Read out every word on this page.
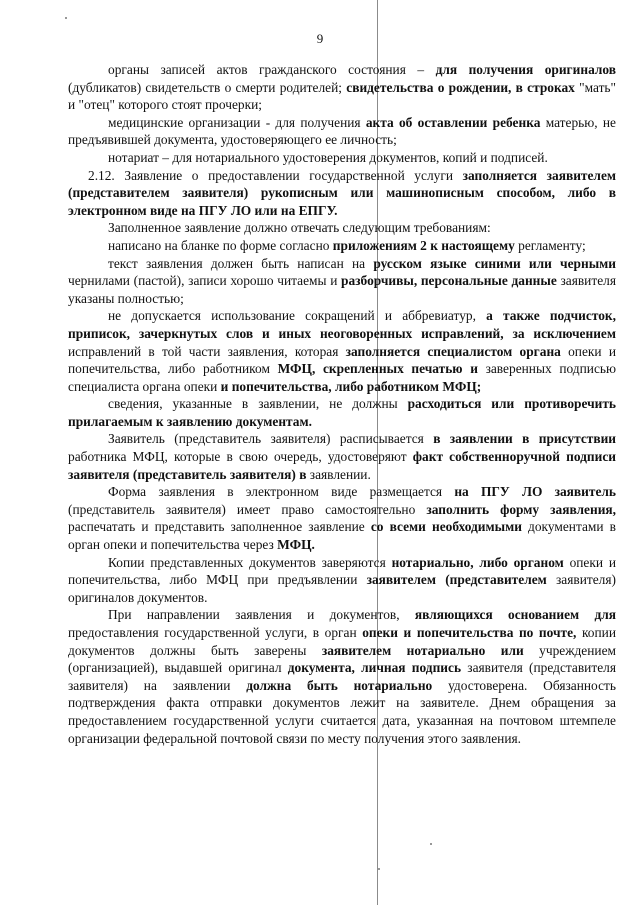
9

органы записей актов гражданского состояния – для получения оригиналов (дубликатов) свидетельств о смерти родителей; свидетельства о рождении, в строках "мать" и "отец" которого стоят прочерки;

медицинские организации - для получения акта об оставлении ребенка матерью, не предъявившей документа, удостоверяющего ее личность;

нотариат – для нотариального удостоверения документов, копий и подписей.

2.12. Заявление о предоставлении государственной услуги заполняется заявителем (представителем заявителя) рукописным или машинописным способом, либо в электронном виде на ПГУ ЛО или на ЕПГУ.

Заполненное заявление должно отвечать следующим требованиям:

написано на бланке по форме согласно приложениям 2 к настоящему регламенту;

текст заявления должен быть написан на русском языке синими или черными чернилами (пастой), записи хорошо читаемы и разборчивы, персональные данные заявителя указаны полностью;

не допускается использование сокращений и аббревиатур, а также подчисток, приписок, зачеркнутых слов и иных неоговоренных исправлений, за исключением исправлений в той части заявления, которая заполняется специалистом органа опеки и попечительства, либо работником МФЦ, скрепленных печатью и заверенных подписью специалиста органа опеки и попечительства, либо работником МФЦ;

сведения, указанные в заявлении, не должны расходиться или противоречить прилагаемым к заявлению документам.

Заявитель (представитель заявителя) расписывается в заявлении в присутствии работника МФЦ, которые в свою очередь, удостоверяют факт собственноручной подписи заявителя (представитель заявителя) в заявлении.

Форма заявления в электронном виде размещается на ПГУ ЛО заявитель (представитель заявителя) имеет право самостоятельно заполнить форму заявления, распечатать и представить заполненное заявление со всеми необходимыми документами в орган опеки и попечительства через МФЦ.

Копии представленных документов заверяются нотариально, либо органом опеки и попечительства, либо МФЦ при предъявлении заявителем (представителем заявителя) оригиналов документов.

При направлении заявления и документов, являющихся основанием для предоставления государственной услуги, в орган опеки и попечительства по почте, копии документов должны быть заверены заявителем нотариально или учреждением (организацией), выдавшей оригинал документа, личная подпись заявителя (представителя заявителя) на заявлении должна быть нотариально удостоверена. Обязанность подтверждения факта отправки документов лежит на заявителе. Днем обращения за предоставлением государственной услуги считается дата, указанная на почтовом штемпеле организации федеральной почтовой связи по месту получения этого заявления.
